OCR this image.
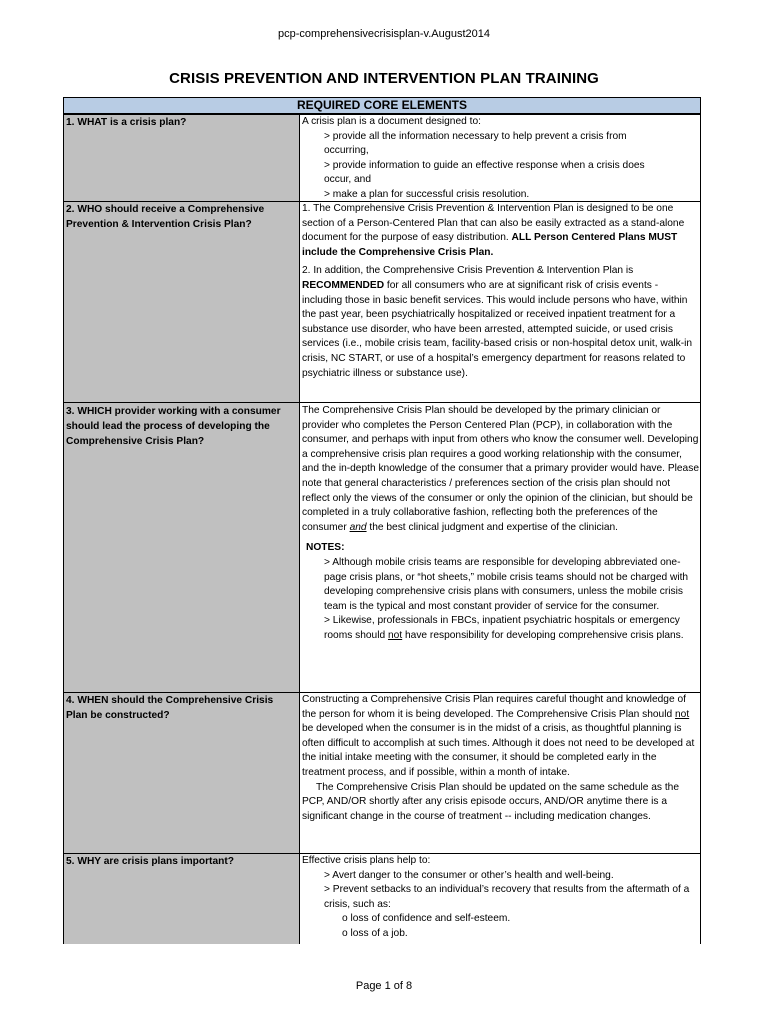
pcp-comprehensivecrisisplan-v.August2014
CRISIS PREVENTION AND INTERVENTION PLAN TRAINING
REQUIRED CORE ELEMENTS
1. WHAT is a crisis plan?	A crisis plan is a document designed to:

> provide all the information necessary to help prevent a crisis from

occurring,

> provide information to guide an effective response when a crisis does

occur, and

> make a plan for successful crisis resolution.

2. WHO should receive a Comprehensive Prevention & Intervention Crisis Plan?

1. The Comprehensive Crisis Prevention & Intervention Plan is designed to be one section of a Person-Centered Plan that can also be easily extracted as a stand-alone document for the purpose of easy distribution. ALL Person Centered Plans MUST include the Comprehensive Crisis Plan.

2. In addition, the Comprehensive Crisis Prevention & Intervention Plan is RECOMMENDED for all consumers who are at significant risk of crisis events - including those in basic benefit services. This would include persons who have, within the past year, been psychiatrically hospitalized or received inpatient treatment for a substance use disorder, who have been arrested, attempted suicide, or used crisis services (i.e., mobile crisis team, facility-based crisis or non-hospital detox unit, walk-in crisis, NC START, or use of a hospital’s emergency department for reasons related to psychiatric illness or substance use).

3. WHICH provider working with a consumer should lead the process of developing the Comprehensive Crisis Plan?

The Comprehensive Crisis Plan should be developed by the primary clinician or provider who completes the Person Centered Plan (PCP), in collaboration with the consumer, and perhaps with input from others who know the consumer well. Developing a comprehensive crisis plan requires a good working relationship with the consumer, and the in-depth knowledge of the consumer that a primary provider would have. Please note that general characteristics / preferences section of the crisis plan should not reflect only the views of the consumer or only the opinion of the clinician, but should be completed in a truly collaborative fashion, reflecting both the preferences of the consumer and the best clinical judgment and expertise of the clinician.

NOTES:

> Although mobile crisis teams are responsible for developing abbreviated one-page crisis plans, or “hot sheets,” mobile crisis teams should not be charged with developing comprehensive crisis plans with consumers, unless the mobile crisis team is the typical and most constant provider of service for the consumer.

> Likewise, professionals in FBCs, inpatient psychiatric hospitals or emergency rooms should not have responsibility for developing comprehensive crisis plans.

4. WHEN should the Comprehensive Crisis Plan be constructed?

Constructing a Comprehensive Crisis Plan requires careful thought and knowledge of the person for whom it is being developed. The Comprehensive Crisis Plan should not be developed when the consumer is in the midst of a crisis, as thoughtful planning is often difficult to accomplish at such times. Although it does not need to be developed at the initial intake meeting with the consumer, it should be completed early in the treatment process, and if possible, within a month of intake.

The Comprehensive Crisis Plan should be updated on the same schedule as the PCP, AND/OR shortly after any crisis episode occurs, AND/OR anytime there is a significant change in the course of treatment -- including medication changes.

5. WHY are crisis plans important?	Effective crisis plans help to:

> Avert danger to the consumer or other’s health and well-being.

> Prevent setbacks to an individual’s recovery that results from the aftermath of a crisis, such as:

o loss of confidence and self-esteem.

o loss of a job.

Page 1 of 8
